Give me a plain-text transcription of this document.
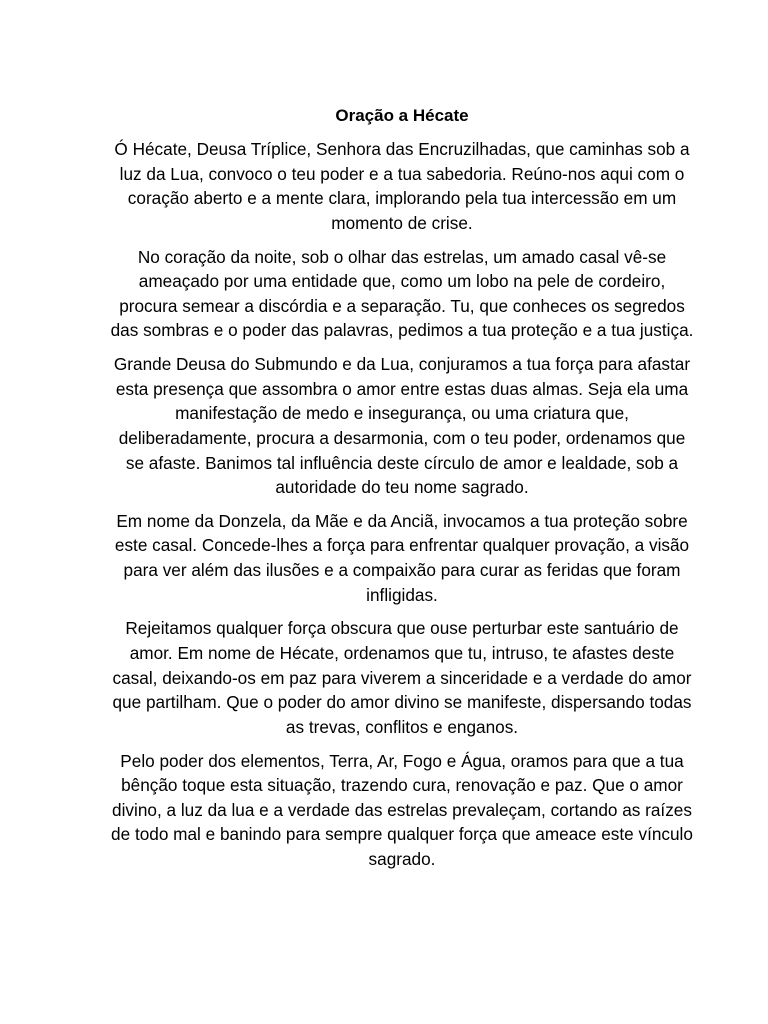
Oração a Hécate

Ó Hécate, Deusa Tríplice, Senhora das Encruzilhadas, que caminhas sob a luz da Lua, convoco o teu poder e a tua sabedoria. Reúno-nos aqui com o coração aberto e a mente clara, implorando pela tua intercessão em um momento de crise.

No coração da noite, sob o olhar das estrelas, um amado casal vê-se ameaçado por uma entidade que, como um lobo na pele de cordeiro, procura semear a discórdia e a separação. Tu, que conheces os segredos das sombras e o poder das palavras, pedimos a tua proteção e a tua justiça.

Grande Deusa do Submundo e da Lua, conjuramos a tua força para afastar esta presença que assombra o amor entre estas duas almas. Seja ela uma manifestação de medo e insegurança, ou uma criatura que, deliberadamente, procura a desarmonia, com o teu poder, ordenamos que se afaste. Banimos tal influência deste círculo de amor e lealdade, sob a autoridade do teu nome sagrado.

Em nome da Donzela, da Mãe e da Anciã, invocamos a tua proteção sobre este casal. Concede-lhes a força para enfrentar qualquer provação, a visão para ver além das ilusões e a compaixão para curar as feridas que foram infligidas.

Rejeitamos qualquer força obscura que ouse perturbar este santuário de amor. Em nome de Hécate, ordenamos que tu, intruso, te afastes deste casal, deixando-os em paz para viverem a sinceridade e a verdade do amor que partilham. Que o poder do amor divino se manifeste, dispersando todas as trevas, conflitos e enganos.

Pelo poder dos elementos, Terra, Ar, Fogo e Água, oramos para que a tua bênção toque esta situação, trazendo cura, renovação e paz. Que o amor divino, a luz da lua e a verdade das estrelas prevaleçam, cortando as raízes de todo mal e banindo para sempre qualquer força que ameace este vínculo sagrado.
